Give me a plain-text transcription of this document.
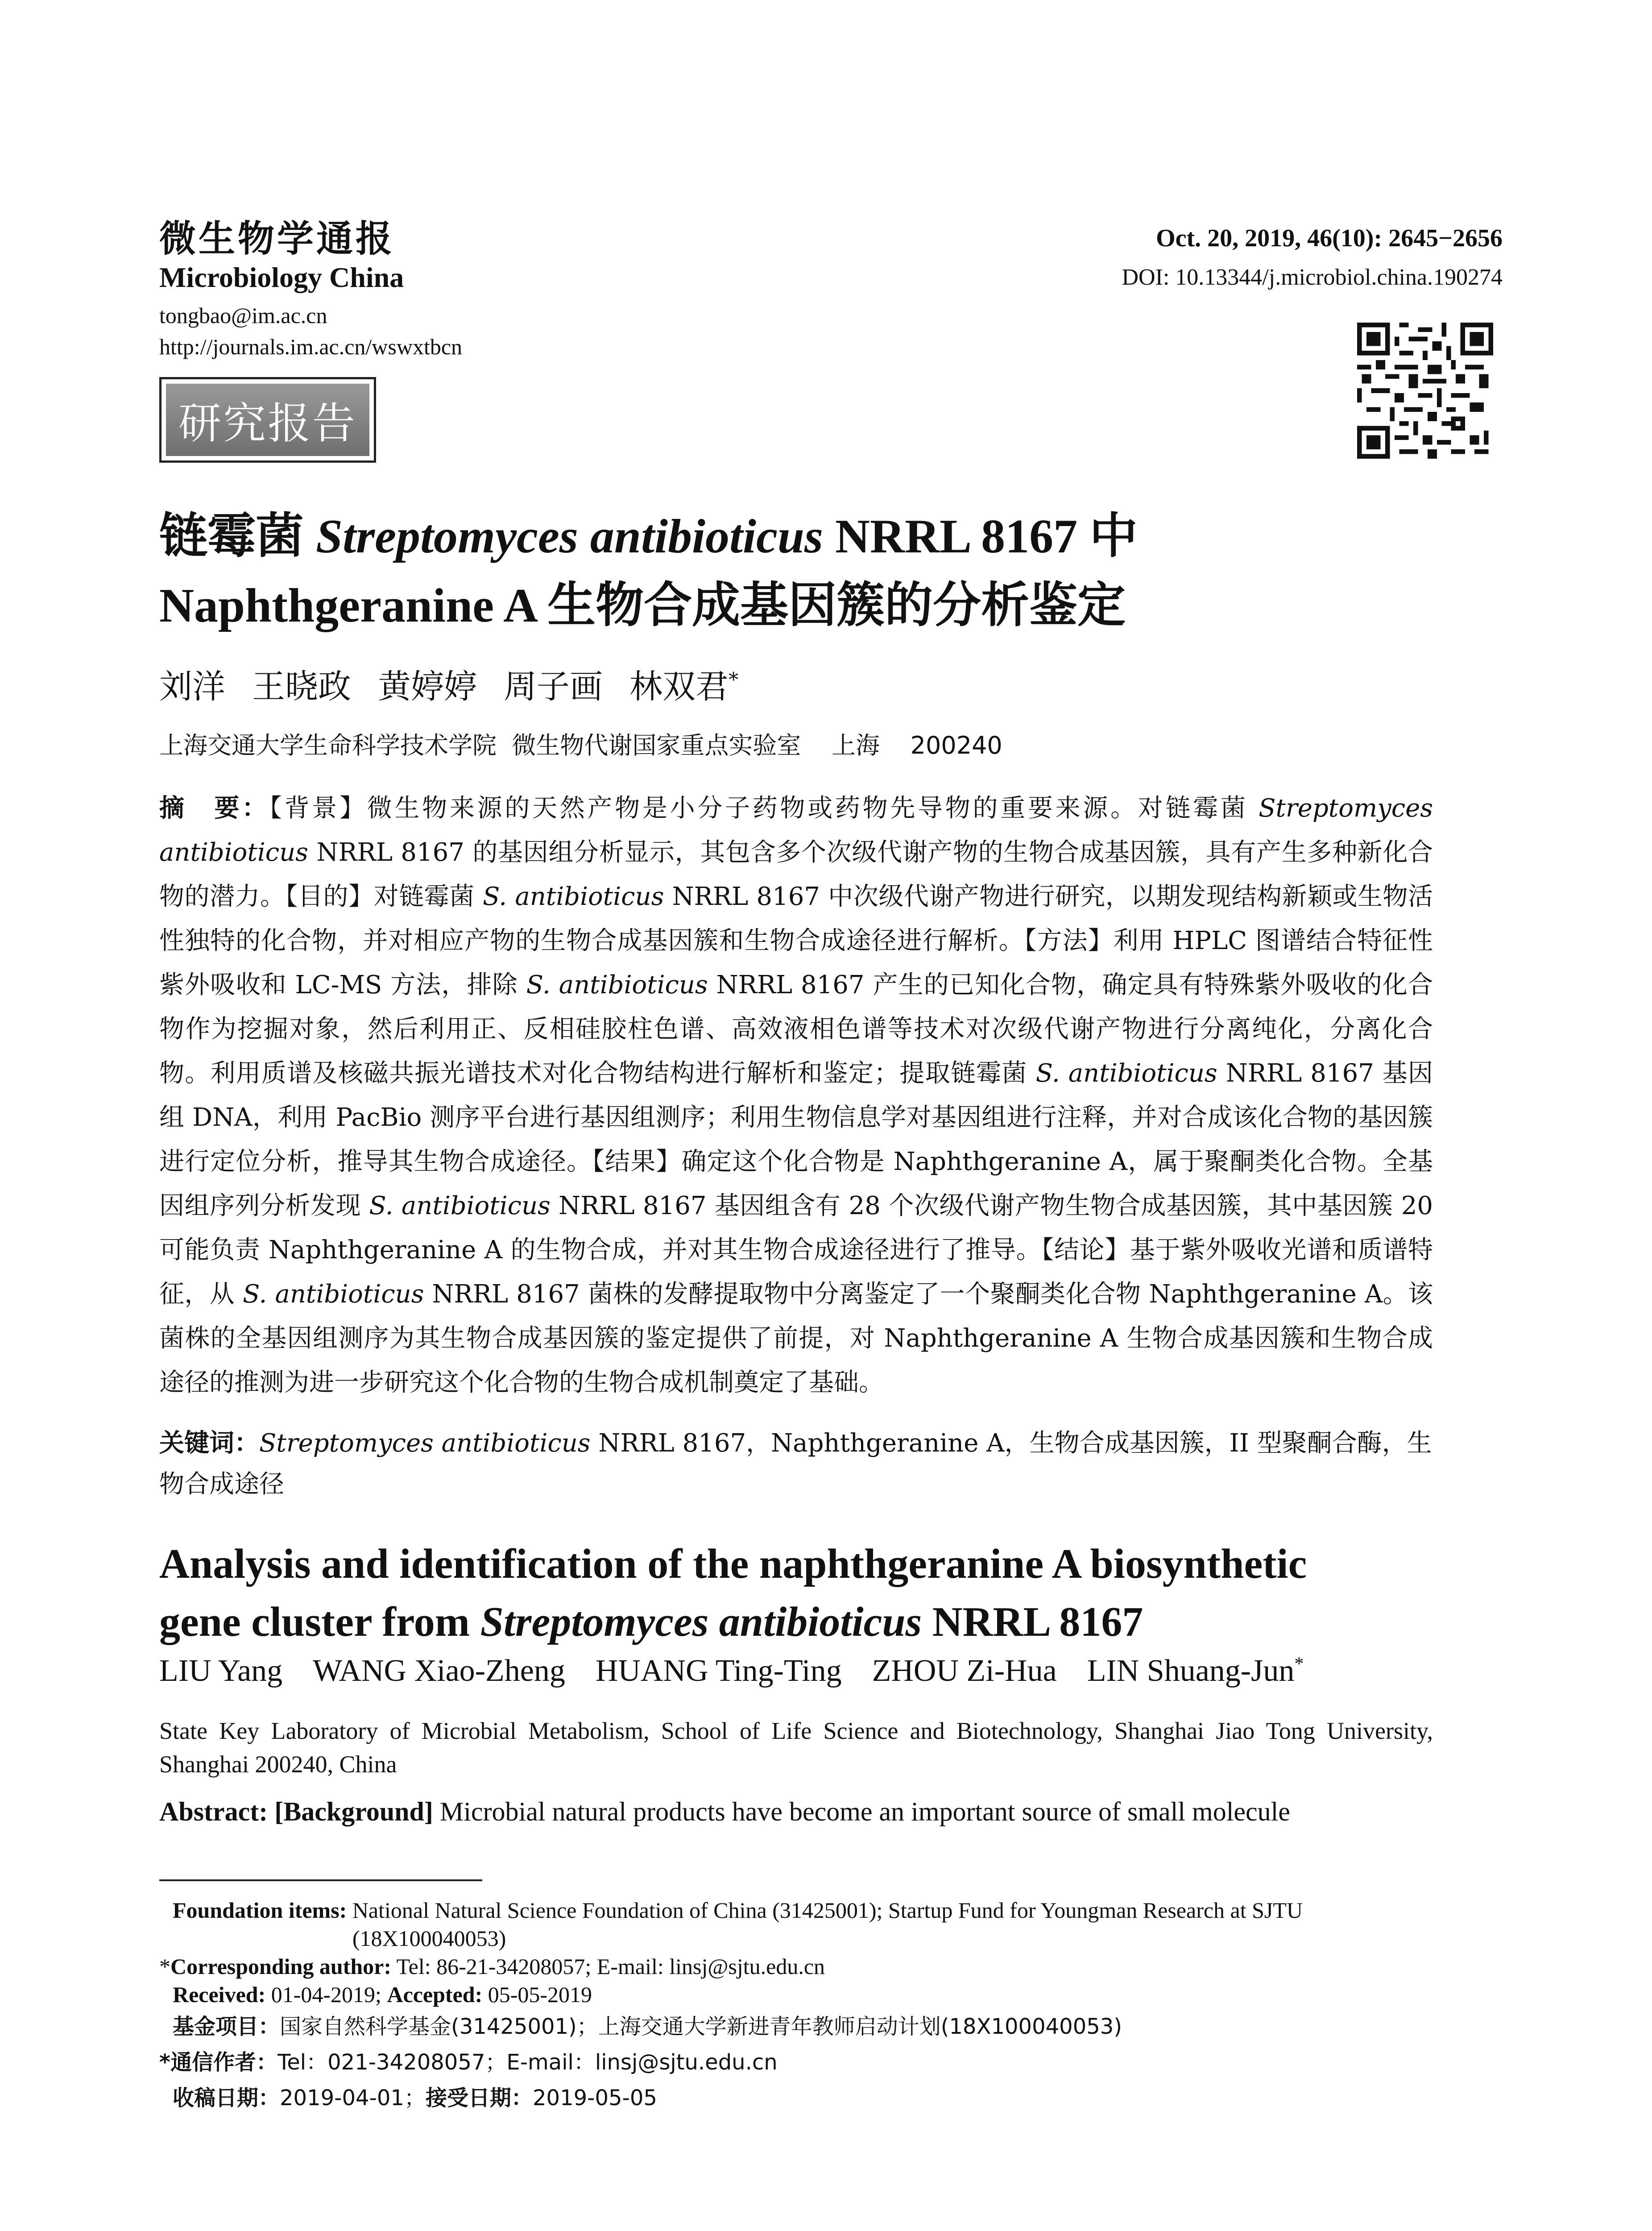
微生物学通报
Microbiology China
tongbao@im.ac.cn
http://journals.im.ac.cn/wswxtbcn
Oct. 20, 2019, 46(10): 2645−2656
DOI: 10.13344/j.microbiol.china.190274
研究报告
链霉菌 Streptomyces antibioticus NRRL 8167 中
Naphthgeranine A 生物合成基因簇的分析鉴定
刘洋 王晓政 黄婷婷 周子画 林双君*
上海交通大学生命科学技术学院  微生物代谢国家重点实验室    上海    200240
摘　要：【背景】微生物来源的天然产物是小分子药物或药物先导物的重要来源。对链霉菌 Streptomyces antibioticus NRRL 8167 的基因组分析显示，其包含多个次级代谢产物的生物合成基因簇，具有产生多种新化合物的潜力。【目的】对链霉菌 S. antibioticus NRRL 8167 中次级代谢产物进行研究，以期发现结构新颖或生物活性独特的化合物，并对相应产物的生物合成基因簇和生物合成途径进行解析。【方法】利用 HPLC 图谱结合特征性紫外吸收和 LC-MS 方法，排除 S. antibioticus NRRL 8167 产生的已知化合物，确定具有特殊紫外吸收的化合物作为挖掘对象，然后利用正、反相硅胶柱色谱、高效液相色谱等技术对次级代谢产物进行分离纯化，分离化合物。利用质谱及核磁共振光谱技术对化合物结构进行解析和鉴定；提取链霉菌 S. antibioticus NRRL 8167 基因组 DNA，利用 PacBio 测序平台进行基因组测序；利用生物信息学对基因组进行注释，并对合成该化合物的基因簇进行定位分析，推导其生物合成途径。【结果】确定这个化合物是 Naphthgeranine A，属于聚酮类化合物。全基因组序列分析发现 S. antibioticus NRRL 8167 基因组含有 28 个次级代谢产物生物合成基因簇，其中基因簇 20 可能负责 Naphthgeranine A 的生物合成，并对其生物合成途径进行了推导。【结论】基于紫外吸收光谱和质谱特征，从 S. antibioticus NRRL 8167 菌株的发酵提取物中分离鉴定了一个聚酮类化合物 Naphthgeranine A。该菌株的全基因组测序为其生物合成基因簇的鉴定提供了前提，对 Naphthgeranine A 生物合成基因簇和生物合成途径的推测为进一步研究这个化合物的生物合成机制奠定了基础。
关键词：Streptomyces antibioticus NRRL 8167，Naphthgeranine A，生物合成基因簇，II 型聚酮合酶，生物合成途径
Analysis and identification of the naphthgeranine A biosynthetic
gene cluster from Streptomyces antibioticus NRRL 8167
LIU Yang WANG Xiao-Zheng HUANG Ting-Ting ZHOU Zi-Hua LIN Shuang-Jun*
State Key Laboratory of Microbial Metabolism, School of Life Science and Biotechnology, Shanghai Jiao Tong University, Shanghai 200240, China
Abstract: [Background] Microbial natural products have become an important source of small molecule
Foundation items:
National Natural Science Foundation of China (31425001); Startup Fund for Youngman Research at SJTU (18X100040053)
*Corresponding author: Tel: 86-21-34208057; E-mail: linsj@sjtu.edu.cn
Received: 01-04-2019; Accepted: 05-05-2019
基金项目：国家自然科学基金(31425001)；上海交通大学新进青年教师启动计划(18X100040053)
*通信作者：Tel：021-34208057；E-mail：linsj@sjtu.edu.cn
收稿日期：2019-04-01；接受日期：2019-05-05
